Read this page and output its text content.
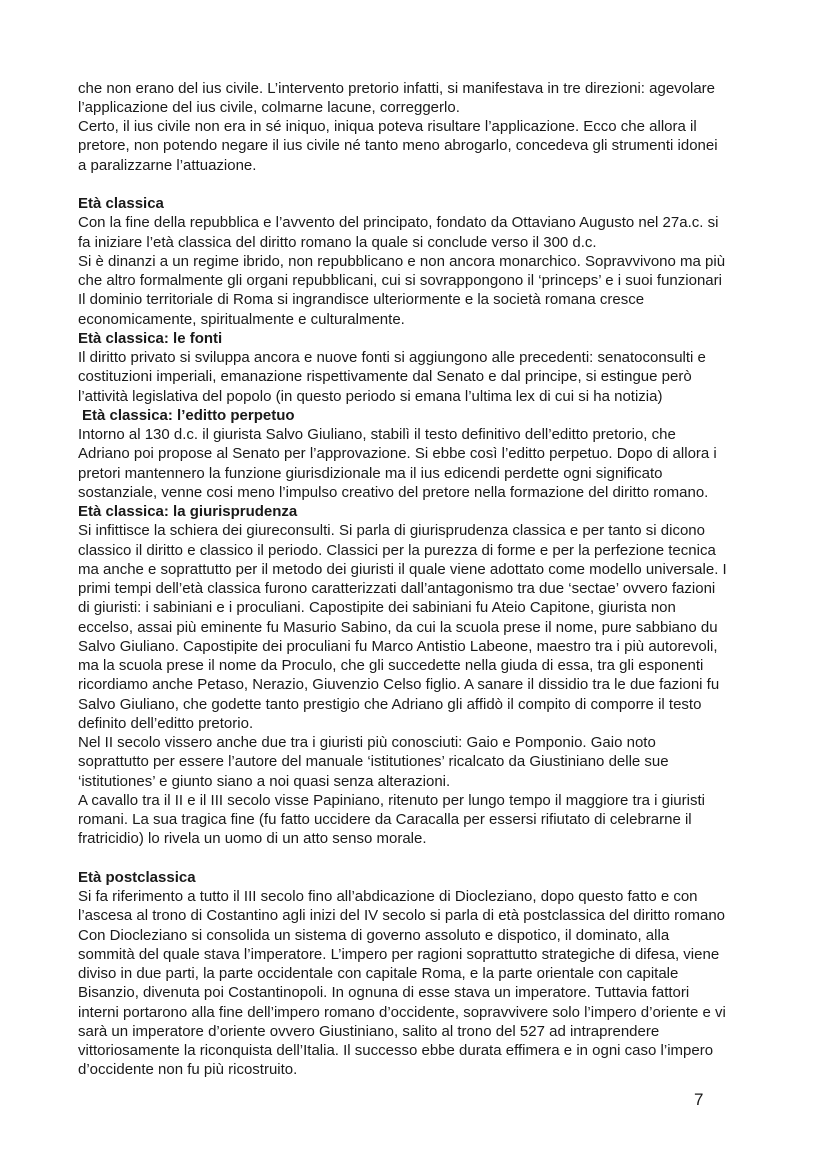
che non erano del ius civile. L’intervento pretorio infatti, si manifestava in tre direzioni: agevolare
l’applicazione del ius civile, colmarne lacune, correggerlo.
Certo, il ius civile non era in sé iniquo, iniqua poteva risultare l’applicazione. Ecco che allora il
pretore, non potendo negare il ius civile né tanto meno abrogarlo, concedeva gli strumenti idonei
a paralizzarne l’attuazione.
Età classica
Con la fine della repubblica e l’avvento del principato, fondato da Ottaviano Augusto nel 27a.c. si
fa iniziare l’età classica del diritto romano la quale si conclude verso il 300 d.c.
Si è dinanzi a un regime ibrido, non repubblicano e non ancora monarchico. Sopravvivono ma più
che altro formalmente gli organi repubblicani, cui si sovrappongono il ‘princeps’ e i suoi funzionari
Il dominio territoriale di Roma si ingrandisce ulteriormente e la società romana cresce
economicamente, spiritualmente e culturalmente.
Età classica: le fonti
Il diritto privato si sviluppa ancora e nuove fonti si aggiungono alle precedenti: senatoconsulti e
costituzioni imperiali, emanazione rispettivamente dal Senato e dal principe, si estingue però
l’attività legislativa del popolo (in questo periodo si emana l’ultima lex di cui si ha notizia)
Età classica: l’editto perpetuo
Intorno al 130 d.c. il giurista Salvo Giuliano, stabilì il testo definitivo dell’editto pretorio, che
Adriano poi propose al Senato per l’approvazione. Si ebbe così l’editto perpetuo. Dopo di allora i
pretori mantennero la funzione giurisdizionale ma il ius edicendi perdette ogni significato
sostanziale, venne cosi meno l’impulso creativo del pretore nella formazione del diritto romano.
Età classica: la giurisprudenza
Si infittisce la schiera dei giureconsulti. Si parla di giurisprudenza classica e per tanto si dicono
classico il diritto e classico il periodo. Classici per la purezza di forme e per la perfezione tecnica
ma anche e soprattutto per il metodo dei giuristi il quale viene adottato come modello universale. I
primi tempi dell’età classica furono caratterizzati dall’antagonismo tra due ‘sectae’ ovvero fazioni
di giuristi: i sabiniani e i proculiani. Capostipite dei sabiniani fu Ateio Capitone, giurista non
eccelso, assai più eminente fu Masurio Sabino, da cui la scuola prese il nome, pure sabbiano du
Salvo Giuliano. Capostipite dei proculiani fu Marco Antistio Labeone, maestro tra i più autorevoli,
ma la scuola prese il nome da Proculo, che gli succedette nella giuda di essa, tra gli esponenti
ricordiamo anche Petaso, Nerazio, Giuvenzio Celso figlio. A sanare il dissidio tra le due fazioni fu
Salvo Giuliano, che godette tanto prestigio che Adriano gli affidò il compito di comporre il testo
definito dell’editto pretorio.
Nel II secolo vissero anche due tra i giuristi più conosciuti: Gaio e Pomponio. Gaio noto
soprattutto per essere l’autore del manuale ‘istitutiones’ ricalcato da Giustiniano delle sue
‘istitutiones’ e giunto siano a noi quasi senza alterazioni.
A cavallo tra il II e il III secolo visse Papiniano, ritenuto per lungo tempo il maggiore tra i giuristi
romani. La sua tragica fine (fu fatto uccidere da Caracalla per essersi rifiutato di celebrarne il
fratricidio) lo rivela un uomo di un atto senso morale.
Età postclassica
Si fa riferimento a tutto il III secolo fino all’abdicazione di Diocleziano, dopo questo fatto e con
l’ascesa al trono di Costantino agli inizi del IV secolo si parla di età postclassica del diritto romano
Con Diocleziano si consolida un sistema di governo assoluto e dispotico, il dominato, alla
sommità del quale stava l’imperatore. L’impero per ragioni soprattutto strategiche di difesa, viene
diviso in due parti, la parte occidentale con capitale Roma, e la parte orientale con capitale
Bisanzio, divenuta poi Costantinopoli. In ognuna di esse stava un imperatore. Tuttavia fattori
interni portarono alla fine dell’impero romano d’occidente, sopravvivere solo l’impero d’oriente e vi
sarà un imperatore d’oriente ovvero Giustiniano, salito al trono del 527 ad intraprendere
vittoriosamente la riconquista dell’Italia. Il successo ebbe durata effimera e in ogni caso l’impero
d’occidente non fu più ricostruito.
7
